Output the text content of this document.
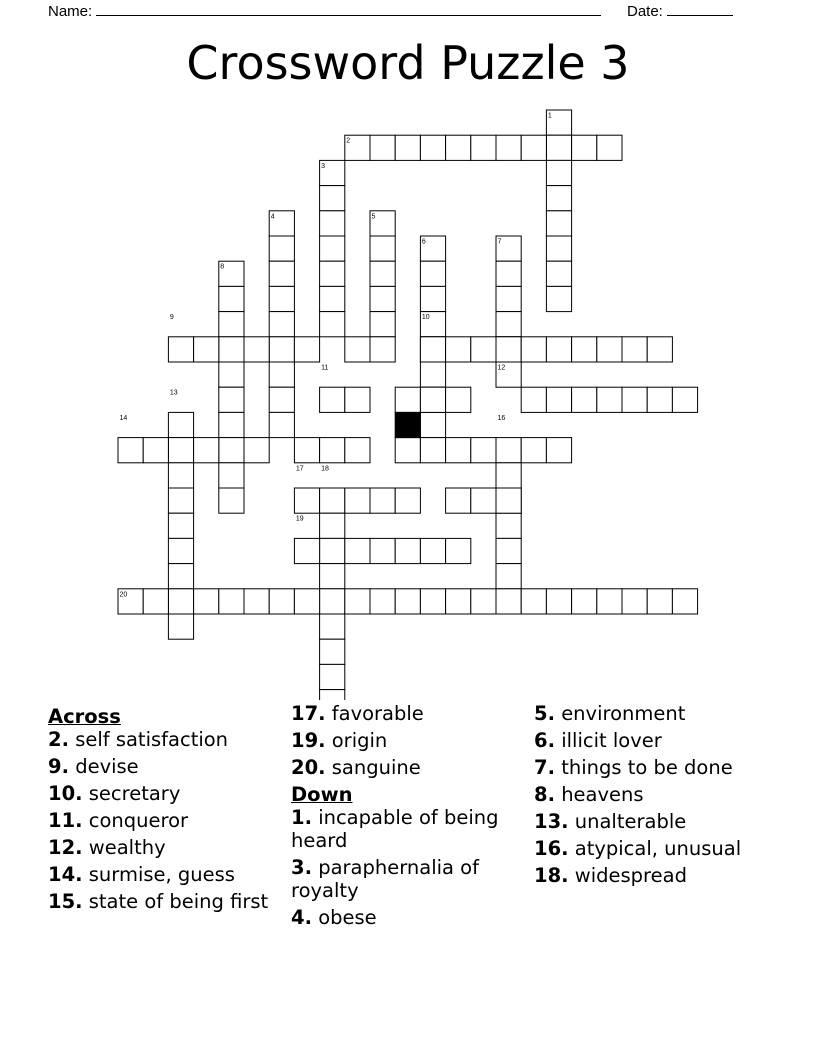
Name:	Date:
Crossword Puzzle 3
1
2
3
4	5
6	7
8
9	10
11	12
13
14	15	16
17 18
19
20
Across
2. self satisfaction
9. devise
10. secretary
11. conqueror
12. wealthy
14. surmise, guess
15. state of being first
17. favorable
19. origin
20. sanguine
Down
1. incapable of being heard
3. paraphernalia of royalty
4. obese
5. environment
6. illicit lover
7. things to be done
8. heavens
13. unalterable
16. atypical, unusual
18. widespread
